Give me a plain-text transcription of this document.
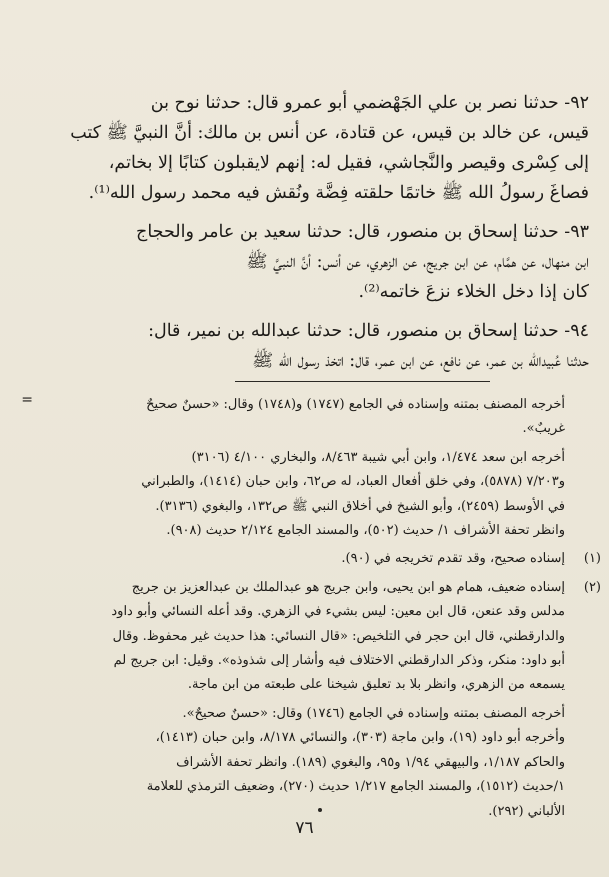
٩٢- حدثنا نصر بن علي الجَهْضمي أبو عمرو قال: حدثنا نوح بن

قيس، عن خالد بن قيس، عن قتادة، عن أنس بن مالك: أنَّ النبيَّ ﷺ كتب

إلى كِسْرى وقيصر والنَّجاشي، فقيل له: إنهم لايقبلون كتابًا إلا بخاتم،

فصاغَ رسولُ الله ﷺ خاتمًا حلقته فِضَّة ونُقش فيه محمد رسول الله⁽¹⁾.

٩٣- حدثنا إسحاق بن منصور، قال: حدثنا سعيد بن عامر والحجاج

ابن منهال، عن همَّام، عن ابن جريج، عن الزهري، عن أنس: أنَّ النبيَّ ﷺ

كان إذا دخل الخلاء نزعَ خاتمه⁽²⁾.

٩٤- حدثنا إسحاق بن منصور، قال: حدثنا عبدالله بن نمير، قال:

حدثنا عُبيدالله بن عمر، عن نافع، عن ابن عمر، قال: اتخذ رسول الله ﷺ

=	أخرجه المصنف بمتنه وإسناده في الجامع (١٧٤٧) و(١٧٤٨) وقال: «حسنٌ صحيحٌ
غريبٌ».
أخرجه ابن سعد ١/٤٧٤، وابن أبي شيبة ٨/٤٦٣، والبخاري ٤/١٠٠ (٣١٠٦)
و٧/٢٠٣ (٥٨٧٨)، وفي خلق أفعال العباد، له ص٦٢، وابن حبان (١٤١٤)، والطبراني
في الأوسط (٢٤٥٩)، وأبو الشيخ في أخلاق النبي ﷺ ص١٣٢، والبغوي (٣١٣٦).
وانظر تحفة الأشراف ١/ حديث (٥٠٢)، والمسند الجامع ٢/١٢٤ حديث (٩٠٨).
(١)
إسناده صحيح، وقد تقدم تخريجه في (٩٠).
(٢)
إسناده ضعيف، همام هو ابن يحيى، وابن جريج هو عبدالملك بن عبدالعزيز بن جريج
مدلس وقد عنعن، قال ابن معين: ليس بشيء في الزهري. وقد أعله النسائي وأبو داود
والدارقطني، قال ابن حجر في التلخيص: «قال النسائي: هذا حديث غير محفوظ. وقال
أبو داود: منكر، وذكر الدارقطني الاختلاف فيه وأشار إلى شذوذه». وقيل: ابن جريج لم
يسمعه من الزهري، وانظر بلا بد تعليق شيخنا على طبعته من ابن ماجة.
أخرجه المصنف بمتنه وإسناده في الجامع (١٧٤٦) وقال: «حسنٌ صحيحٌ».
وأخرجه أبو داود (١٩)، وابن ماجة (٣٠٣)، والنسائي ٨/١٧٨، وابن حبان (١٤١٣)،
والحاكم ١/١٨٧، والبيهقي ١/٩٤ و٩٥، والبغوي (١٨٩). وانظر تحفة الأشراف
١/حديث (١٥١٢)، والمسند الجامع ١/٢١٧ حديث (٢٧٠)، وضعيف الترمذي للعلامة
الألباني (٢٩٢).
٧٦
